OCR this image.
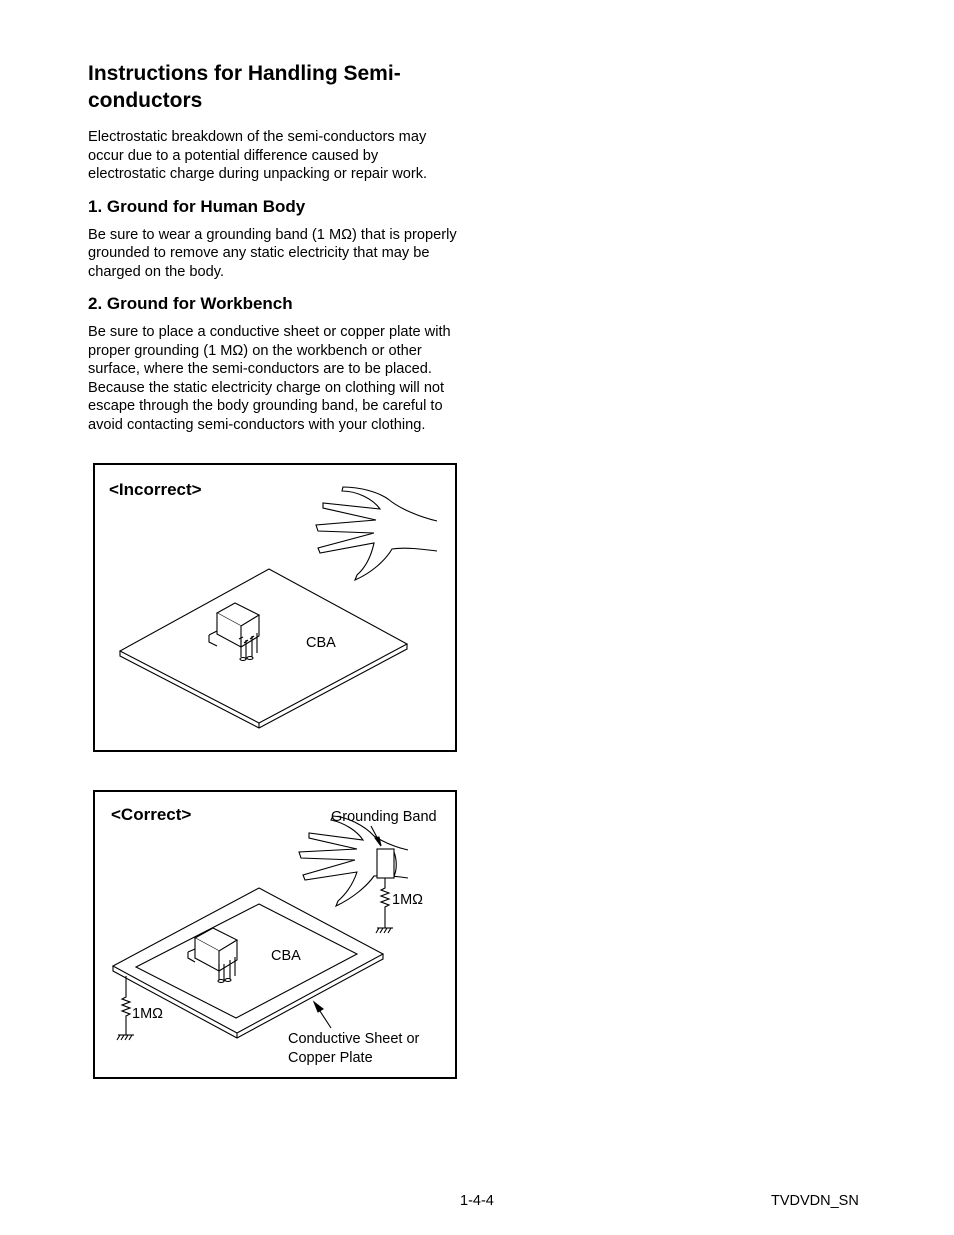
Instructions for Handling Semi-conductors

Electrostatic breakdown of the semi-conductors may occur due to a potential difference caused by electrostatic charge during unpacking or repair work.

1. Ground for Human Body

Be sure to wear a grounding band (1 MΩ) that is properly grounded to remove any static electricity that may be charged on the body.

2. Ground for Workbench

Be sure to place a conductive sheet or copper plate with proper grounding (1 MΩ) on the workbench or other surface, where the semi-conductors are to be placed. Because the static electricity charge on clothing will not escape through the body grounding band, be careful to avoid contacting semi-conductors with your clothing.

<Incorrect>
CBA
<Correct>	Grounding Band
1MΩ
CBA
1MΩ
Conductive Sheet or
Copper Plate
1-4-4	TVDVDN_SN
